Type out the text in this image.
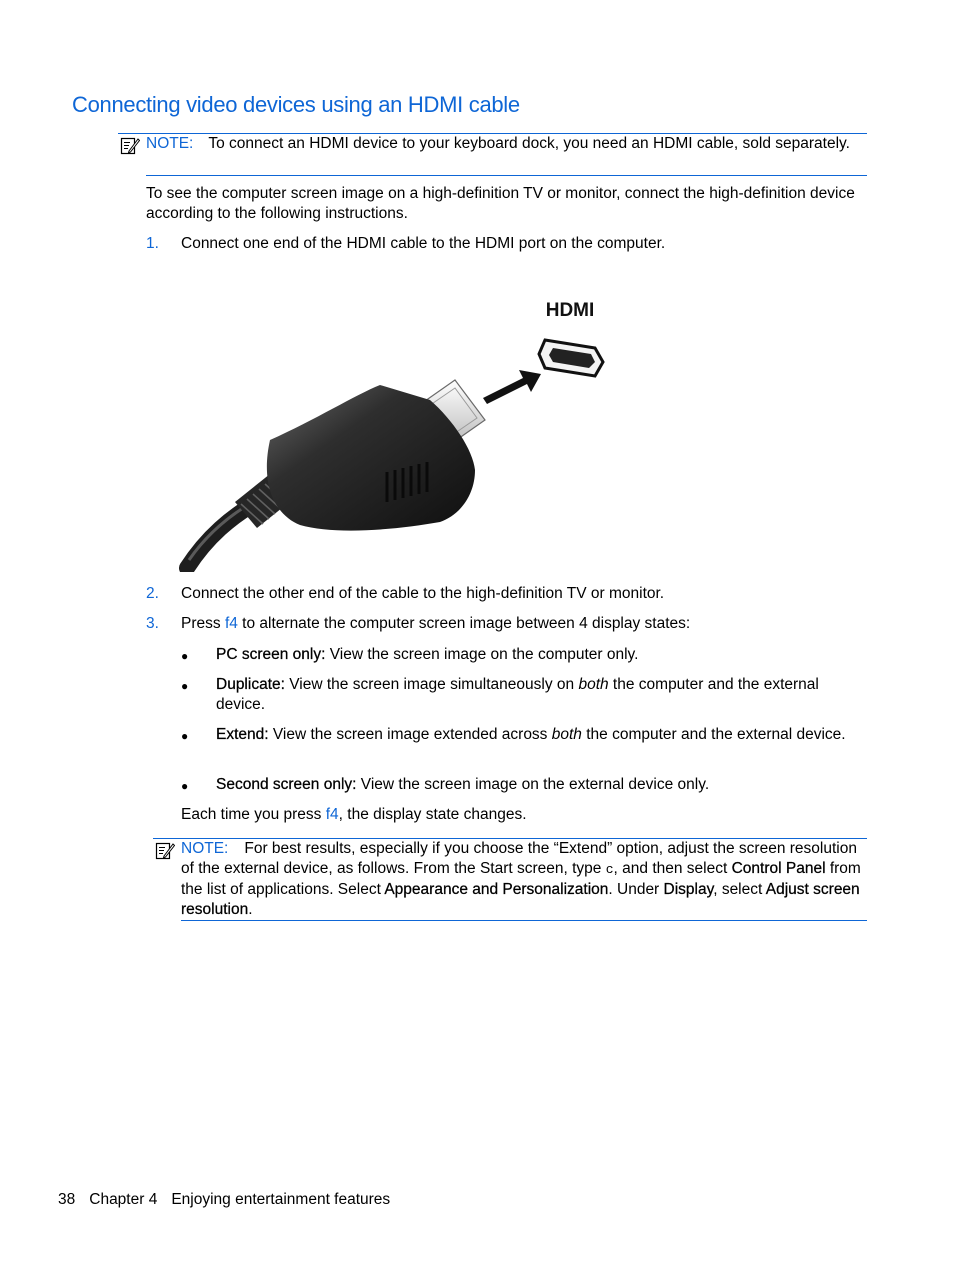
Connecting video devices using an HDMI cable

NOTE: To connect an HDMI device to your keyboard dock, you need an HDMI cable, sold separately.

To see the computer screen image on a high-definition TV or monitor, connect the high-definition device according to the following instructions.

1.	Connect one end of the HDMI cable to the HDMI port on the computer.

HDMI
2.	Connect the other end of the cable to the high-definition TV or monitor.

3.	Press f4 to alternate the computer screen image between 4 display states:

● PC screen only: View the screen image on the computer only.

● Duplicate: View the screen image simultaneously on both the computer and the external device.

● Extend: View the screen image extended across both the computer and the external device.

● Second screen only: View the screen image on the external device only.

Each time you press f4, the display state changes.

NOTE: For best results, especially if you choose the “Extend” option, adjust the screen resolution of the external device, as follows. From the Start screen, type c, and then select Control Panel from the list of applications. Select Appearance and Personalization. Under Display, select Adjust screen resolution.

38 Chapter 4 Enjoying entertainment features
